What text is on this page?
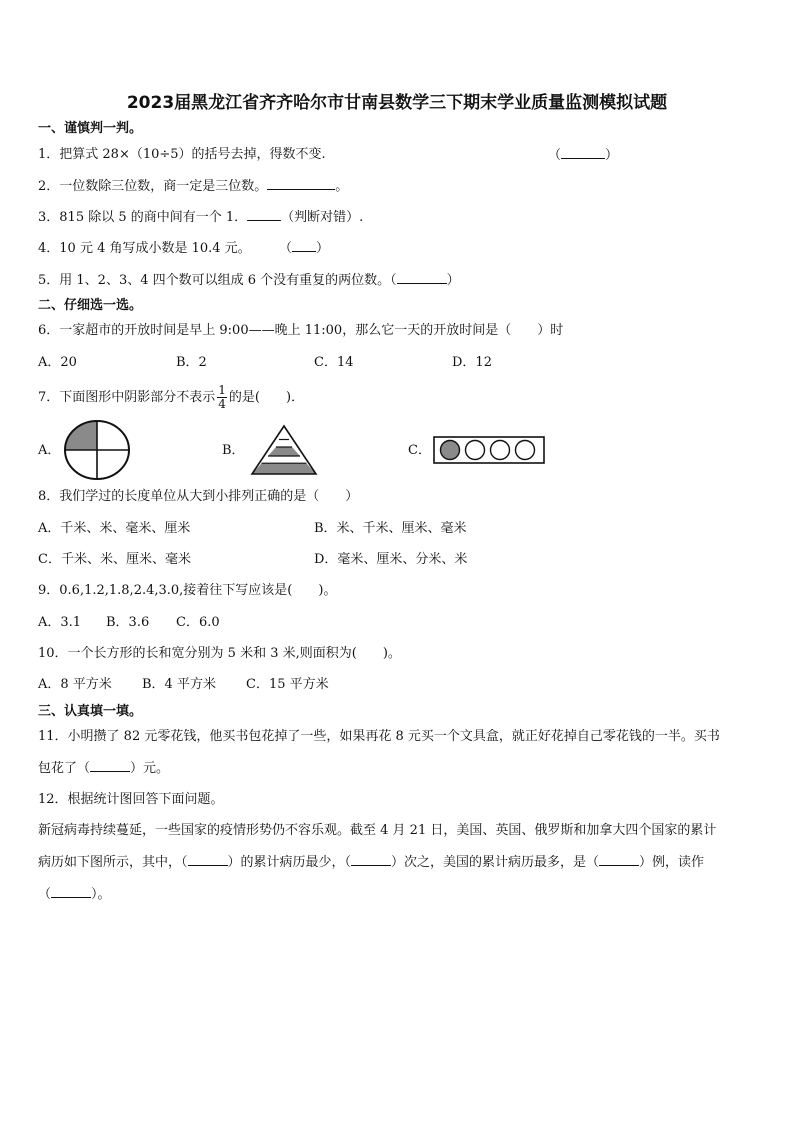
2023届黑龙江省齐齐哈尔市甘南县数学三下期末学业质量监测模拟试题
一、谨慎判一判。
1．把算式 28×（10÷5）的括号去掉，得数不变.	（	）
2．一位数除三位数，商一定是三位数。	。
3．815 除以 5 的商中间有一个 1．	（判断对错）.
4．10 元 4 角写成小数是 10.4 元。 （ ）
5．用 1、2、3、4 四个数可以组成 6 个没有重复的两位数。（	）
二、仔细选一选。
6．一家超市的开放时间是早上 9:00——晚上 11:00，那么它一天的开放时间是（　　）时
A．20	B．2	C．14	D．12
7．下面图形中阴影部分不表示 $\frac{1}{4}$ 的是(　　)．
A．	B．	C．
8．我们学过的长度单位从大到小排列正确的是（　　）
A．千米、米、毫米、厘米	B．米、千米、厘米、毫米
C．千米、米、厘米、毫米	D．毫米、厘米、分米、米
9．0.6,1.2,1.8,2.4,3.0,接着往下写应该是(　　)。
A．3.1 B．3.6 C．6.0
10．一个长方形的长和宽分别为 5 米和 3 米,则面积为(　　)。
A．8 平方米 B．4 平方米 C．15 平方米
三、认真填一填。
11．小明攒了 82 元零花钱，他买书包花掉了一些，如果再花 8 元买一个文具盒，就正好花掉自己零花钱的一半。买书
包花了（	）元。
12．根据统计图回答下面问题。
新冠病毒持续蔓延，一些国家的疫情形势仍不容乐观。截至 4 月 21 日，美国、英国、俄罗斯和加拿大四个国家的累计
病历如下图所示，其中，（	）的累计病历最少，（	）次之，美国的累计病历最多，是（	）例，读作
（	）。
